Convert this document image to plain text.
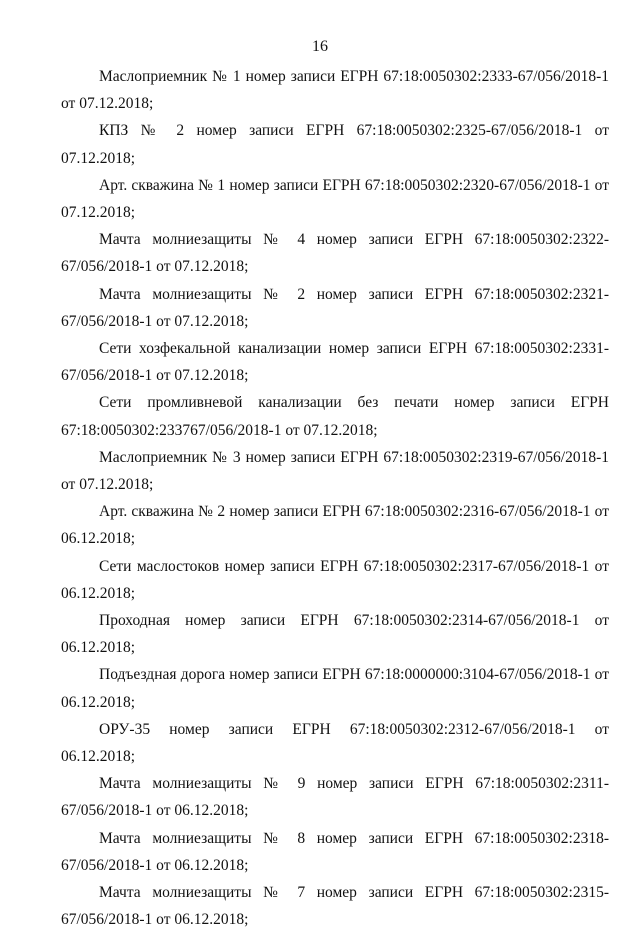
16

Маслоприемник № 1 номер записи ЕГРН 67:18:0050302:2333-67/056/2018-1 от 07.12.2018;

КПЗ № 2 номер записи ЕГРН 67:18:0050302:2325-67/056/2018-1 от 07.12.2018;

Арт. скважина № 1 номер записи ЕГРН 67:18:0050302:2320-67/056/2018-1 от 07.12.2018;

Мачта молниезащиты № 4 номер записи ЕГРН 67:18:0050302:2322-67/056/2018-1 от 07.12.2018;

Мачта молниезащиты № 2 номер записи ЕГРН 67:18:0050302:2321-67/056/2018-1 от 07.12.2018;

Сети хозфекальной канализации номер записи ЕГРН 67:18:0050302:2331-67/056/2018-1 от 07.12.2018;

Сети промливневой канализации без печати номер записи ЕГРН 67:18:0050302:233767/056/2018-1 от 07.12.2018;

Маслоприемник № 3 номер записи ЕГРН 67:18:0050302:2319-67/056/2018-1 от 07.12.2018;

Арт. скважина № 2 номер записи ЕГРН 67:18:0050302:2316-67/056/2018-1 от 06.12.2018;

Сети маслостоков номер записи ЕГРН 67:18:0050302:2317-67/056/2018-1 от 06.12.2018;

Проходная номер записи ЕГРН 67:18:0050302:2314-67/056/2018-1 от 06.12.2018;

Подъездная дорога номер записи ЕГРН 67:18:0000000:3104-67/056/2018-1 от 06.12.2018;

ОРУ-35 номер записи ЕГРН 67:18:0050302:2312-67/056/2018-1 от 06.12.2018;

Мачта молниезащиты № 9 номер записи ЕГРН 67:18:0050302:2311-67/056/2018-1 от 06.12.2018;

Мачта молниезащиты № 8 номер записи ЕГРН 67:18:0050302:2318-67/056/2018-1 от 06.12.2018;

Мачта молниезащиты № 7 номер записи ЕГРН 67:18:0050302:2315-67/056/2018-1 от 06.12.2018;
